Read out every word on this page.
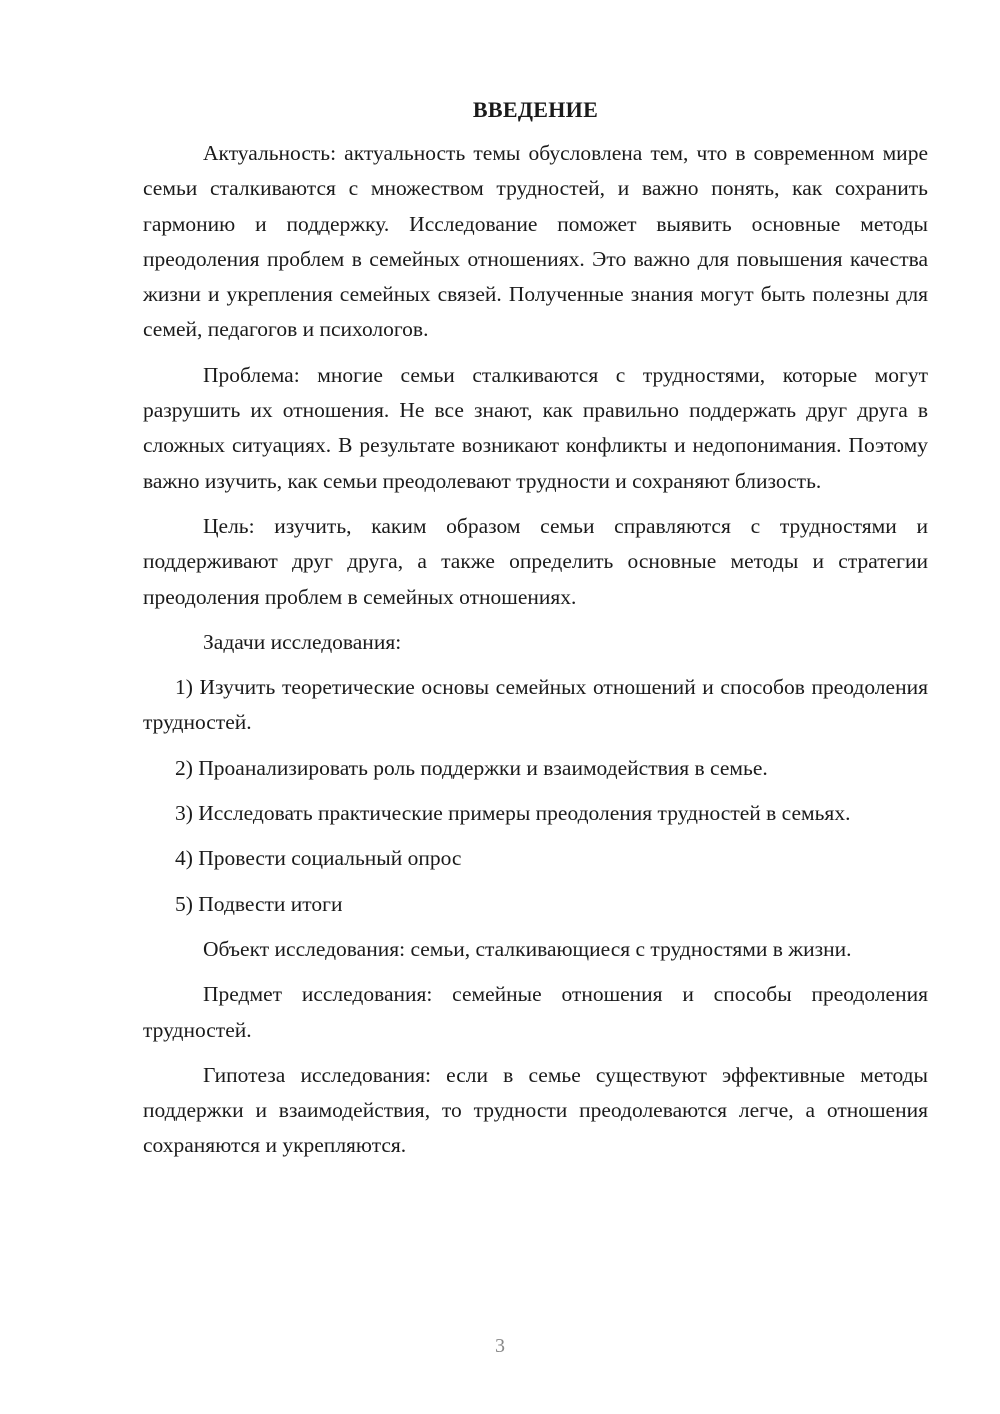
ВВЕДЕНИЕ

Актуальность: актуальность темы обусловлена тем, что в современном мире семьи сталкиваются с множеством трудностей, и важно понять, как сохранить гармонию и поддержку. Исследование поможет выявить основные методы преодоления проблем в семейных отношениях. Это важно для повышения качества жизни и укрепления семейных связей. Полученные знания могут быть полезны для семей, педагогов и психологов.

Проблема: многие семьи сталкиваются с трудностями, которые могут разрушить их отношения. Не все знают, как правильно поддержать друг друга в сложных ситуациях. В результате возникают конфликты и недопонимания. Поэтому важно изучить, как семьи преодолевают трудности и сохраняют близость.

Цель: изучить, каким образом семьи справляются с трудностями и поддерживают друг друга, а также определить основные методы и стратегии преодоления проблем в семейных отношениях.

Задачи исследования:

1) Изучить теоретические основы семейных отношений и способов преодоления трудностей.

2) Проанализировать роль поддержки и взаимодействия в семье.

3) Исследовать практические примеры преодоления трудностей в семьях.

4) Провести социальный опрос

5) Подвести итоги

Объект исследования: семьи, сталкивающиеся с трудностями в жизни.

Предмет исследования: семейные отношения и способы преодоления трудностей.

Гипотеза исследования: если в семье существуют эффективные методы поддержки и взаимодействия, то трудности преодолеваются легче, а отношения сохраняются и укрепляются.

3
